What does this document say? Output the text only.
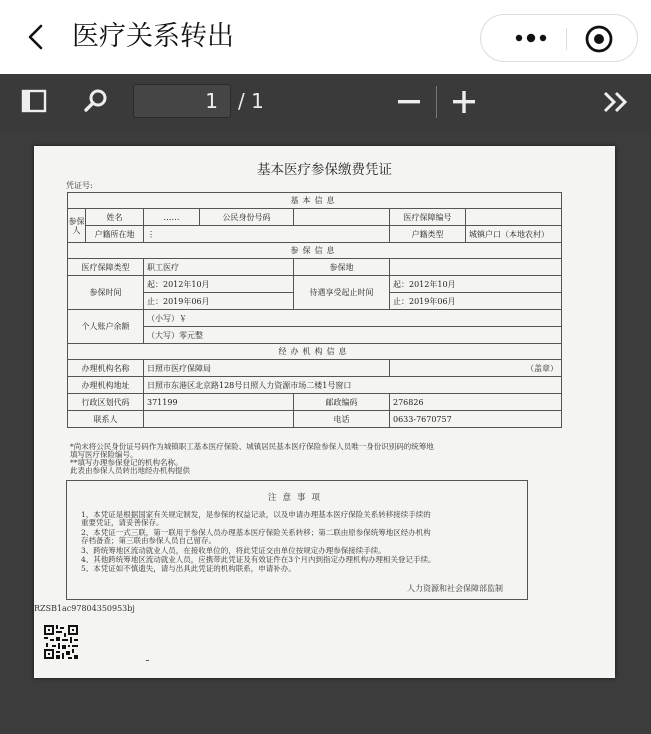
医疗关系转出
1	/ 1
基本医疗参保缴费凭证
凭证号:
基本信息						
参保人	姓名	……	公民身份号码		医疗保障编号	
	户籍所在地	⋮			户籍类型	城镇户口（本地农村）
参保信息						
医疗保障类型		职工医疗		参保地		
参保时间		起：2012年10月		待遇享受起止时间	起：2012年10月	
		止：2019年06月			止：2019年06月	
个人账户余额		（小写）￥				
		（大写）零元整				
经办机构信息						
办理机构名称		日照市医疗保障局			（盖章）	
办理机构地址		日照市东港区北京路128号日照人力资源市场二楼1号窗口				
行政区划代码		371199		邮政编码	276826	
联系人				电话	0633-7670757	
*尚未将公民身份证号码作为城镇职工基本医疗保险、城镇居民基本医疗保险参保人员唯一身份识别码的统筹地
填写医疗保险编号。
**填写办理参保登记的机构名称。
此表由参保人员转出地经办机构提供
注意事项
1、本凭证是根据国家有关规定制发，是参保的权益记录，以及申请办理基本医疗保险关系转移接续手续的
重要凭证，请妥善保存。
2、本凭证一式三联，第一联用于参保人员办理基本医疗保险关系转移；第二联由原参保统筹地区经办机构
存档备查；第三联由参保人员自己留存。
3、跨统筹地区流动就业人员，在接收单位的，将此凭证交由单位按规定办理参保接续手续。
4、其他跨统筹地区流动就业人员，应携带此凭证及有效证件在3个月内到指定办理机构办理相关登记手续。
5、本凭证如不慎遗失，请与出具此凭证的机构联系，申请补办。
人力资源和社会保障部监制
RZSB1ac97804350953bj
